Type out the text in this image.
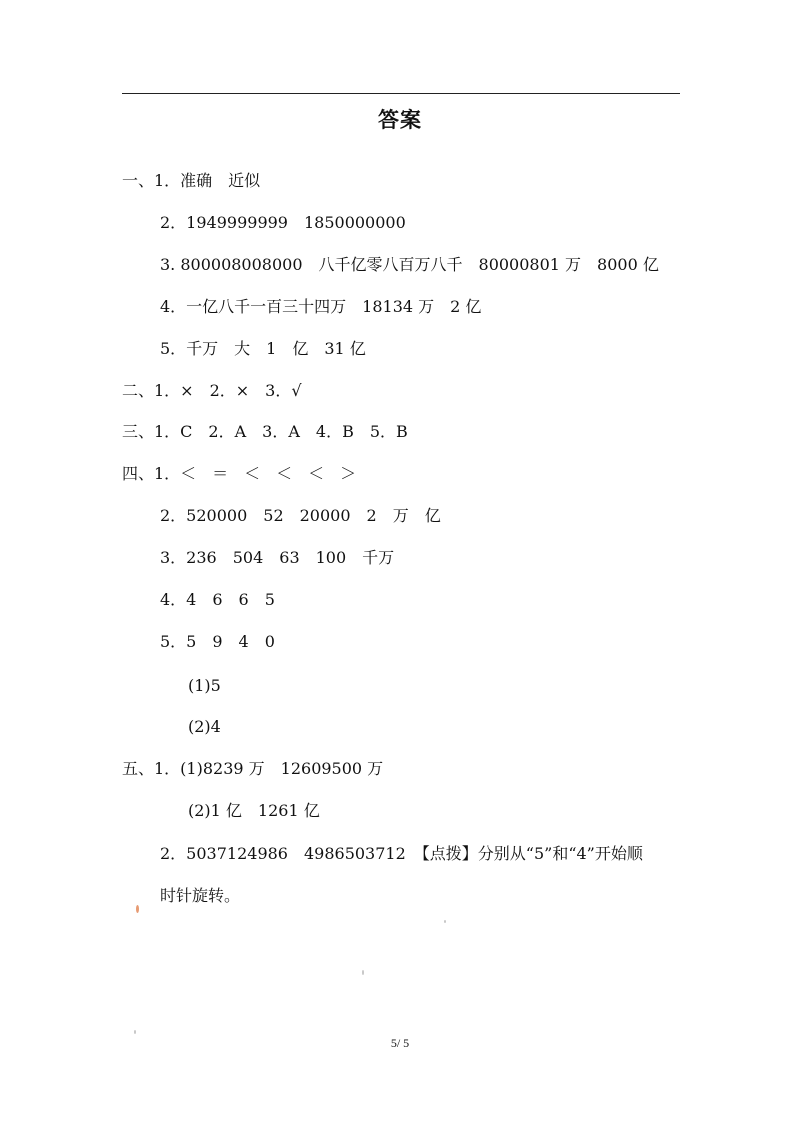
答案
一、1．准确　近似
2．1949999999　1850000000
3. 800008008000　八千亿零八百万八千　80000801 万　8000 亿
4．一亿八千一百三十四万　18134 万　2 亿
5．千万　大　1　亿　31 亿
二、1．×　2．×　3．√
三、1．C　2．A　3．A　4．B　5．B
四、1．＜　＝　＜　＜　＜　＞
2．520000　52　20000　2　万　亿
3．236　504　63　100　千万
4．4　6　6　5
5．5　9　4　0
(1)5
(2)4
五、1．(1)8239 万　12609500 万
(2)1 亿　1261 亿
2．5037124986　4986503712　【点拨】分别从“5”和“4”开始顺
时针旋转。
5/ 5
